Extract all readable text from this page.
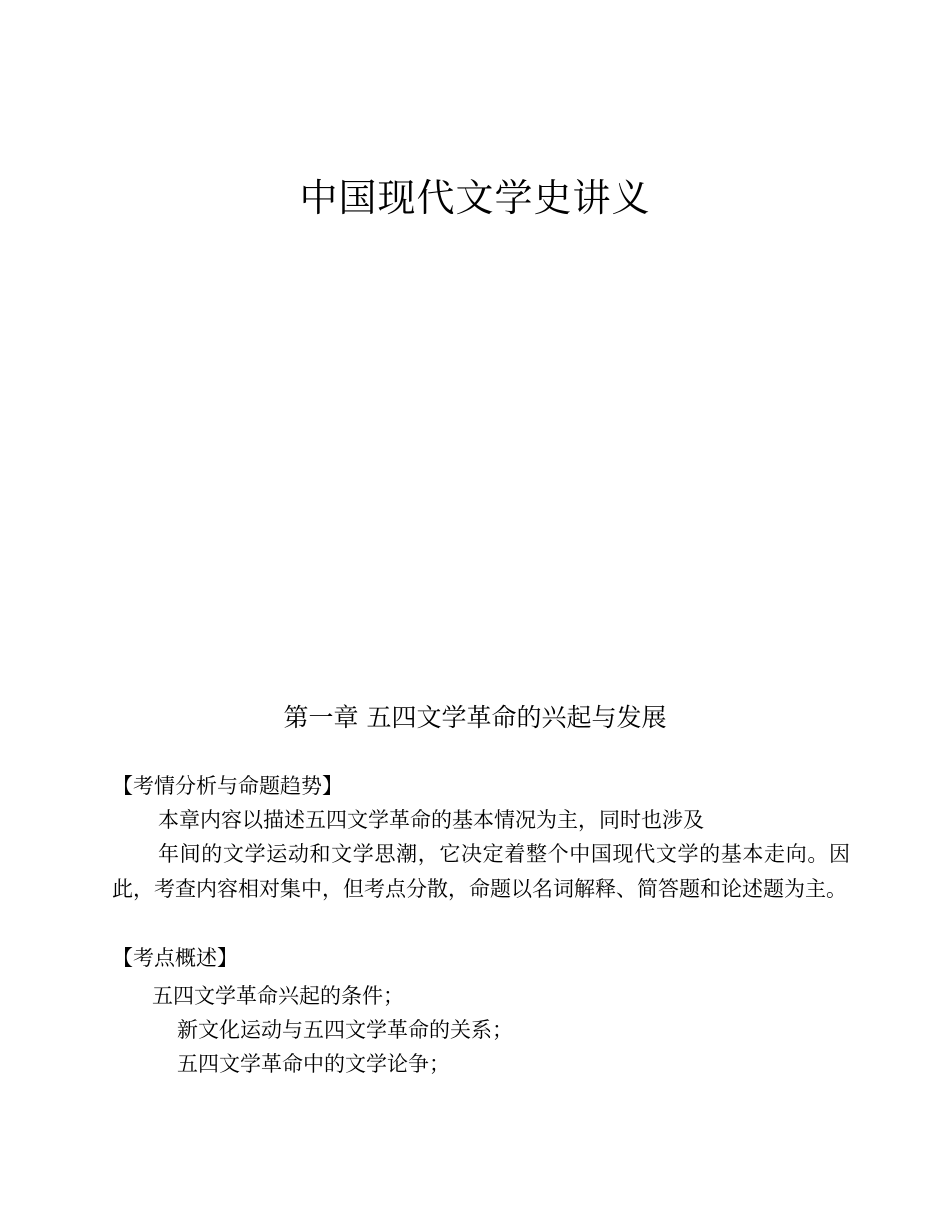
中国现代文学史讲义
第一章 五四文学革命的兴起与发展
【考情分析与命题趋势】
本章内容以描述五四文学革命的基本情况为主，同时也涉及
年间的文学运动和文学思潮，它决定着整个中国现代文学的基本走向。因此，考查内容相对集中，但考点分散，命题以名词解释、简答题和论述题为主。
【考点概述】
五四文学革命兴起的条件；
新文化运动与五四文学革命的关系；
五四文学革命中的文学论争；
